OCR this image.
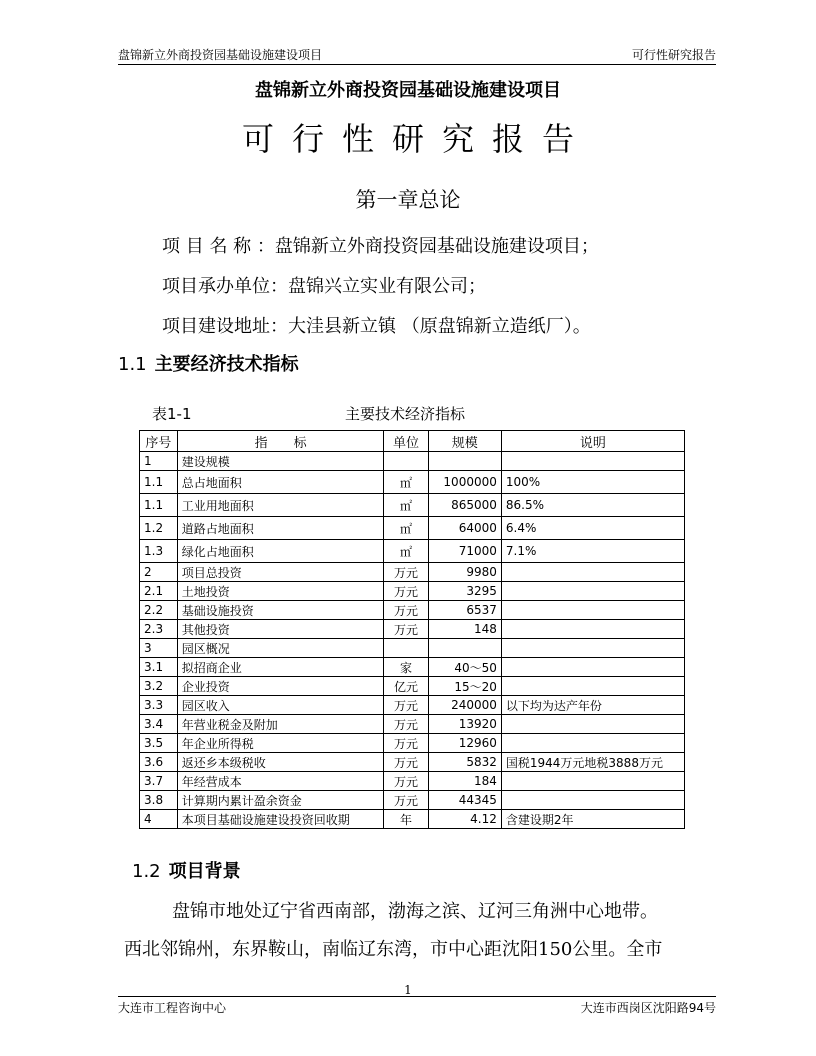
盘锦新立外商投资园基础设施建设项目	可行性研究报告
盘锦新立外商投资园基础设施建设项目
可行性研究报告
第一章总论
项 目 名 称 ：盘锦新立外商投资园基础设施建设项目；
项目承办单位：盘锦兴立实业有限公司；
项目建设地址：大洼县新立镇 （原盘锦新立造纸厂）。
1.1 主要经济技术指标
表1-1	主要技术经济指标
序号	指　　标	单位	规模	说明
1	建设规模			
1.1	总占地面积	㎡	1000000	100%
1.1	工业用地面积	㎡	865000	86.5%
1.2	道路占地面积	㎡	64000	6.4%
1.3	绿化占地面积	㎡	71000	7.1%
2	项目总投资	万元	9980	
2.1	土地投资	万元	3295	
2.2	基础设施投资	万元	6537	
2.3	其他投资	万元	148	
3	园区概况			
3.1	拟招商企业	家	40～50	
3.2	企业投资	亿元	15～20	
3.3	园区收入	万元	240000	以下均为达产年份
3.4	年营业税金及附加	万元	13920	
3.5	年企业所得税	万元	12960	
3.6	返还乡本级税收	万元	5832	国税1944万元地税3888万元
3.7	年经营成本	万元	184	
3.8	计算期内累计盈余资金	万元	44345	
4	本项目基础设施建设投资回收期	年	4.12	含建设期2年
1.2 项目背景
盘锦市地处辽宁省西南部，渤海之滨、辽河三角洲中心地带。
西北邻锦州，东界鞍山，南临辽东湾，市中心距沈阳150公里。全市
1
大连市工程咨询中心	大连市西岗区沈阳路94号
